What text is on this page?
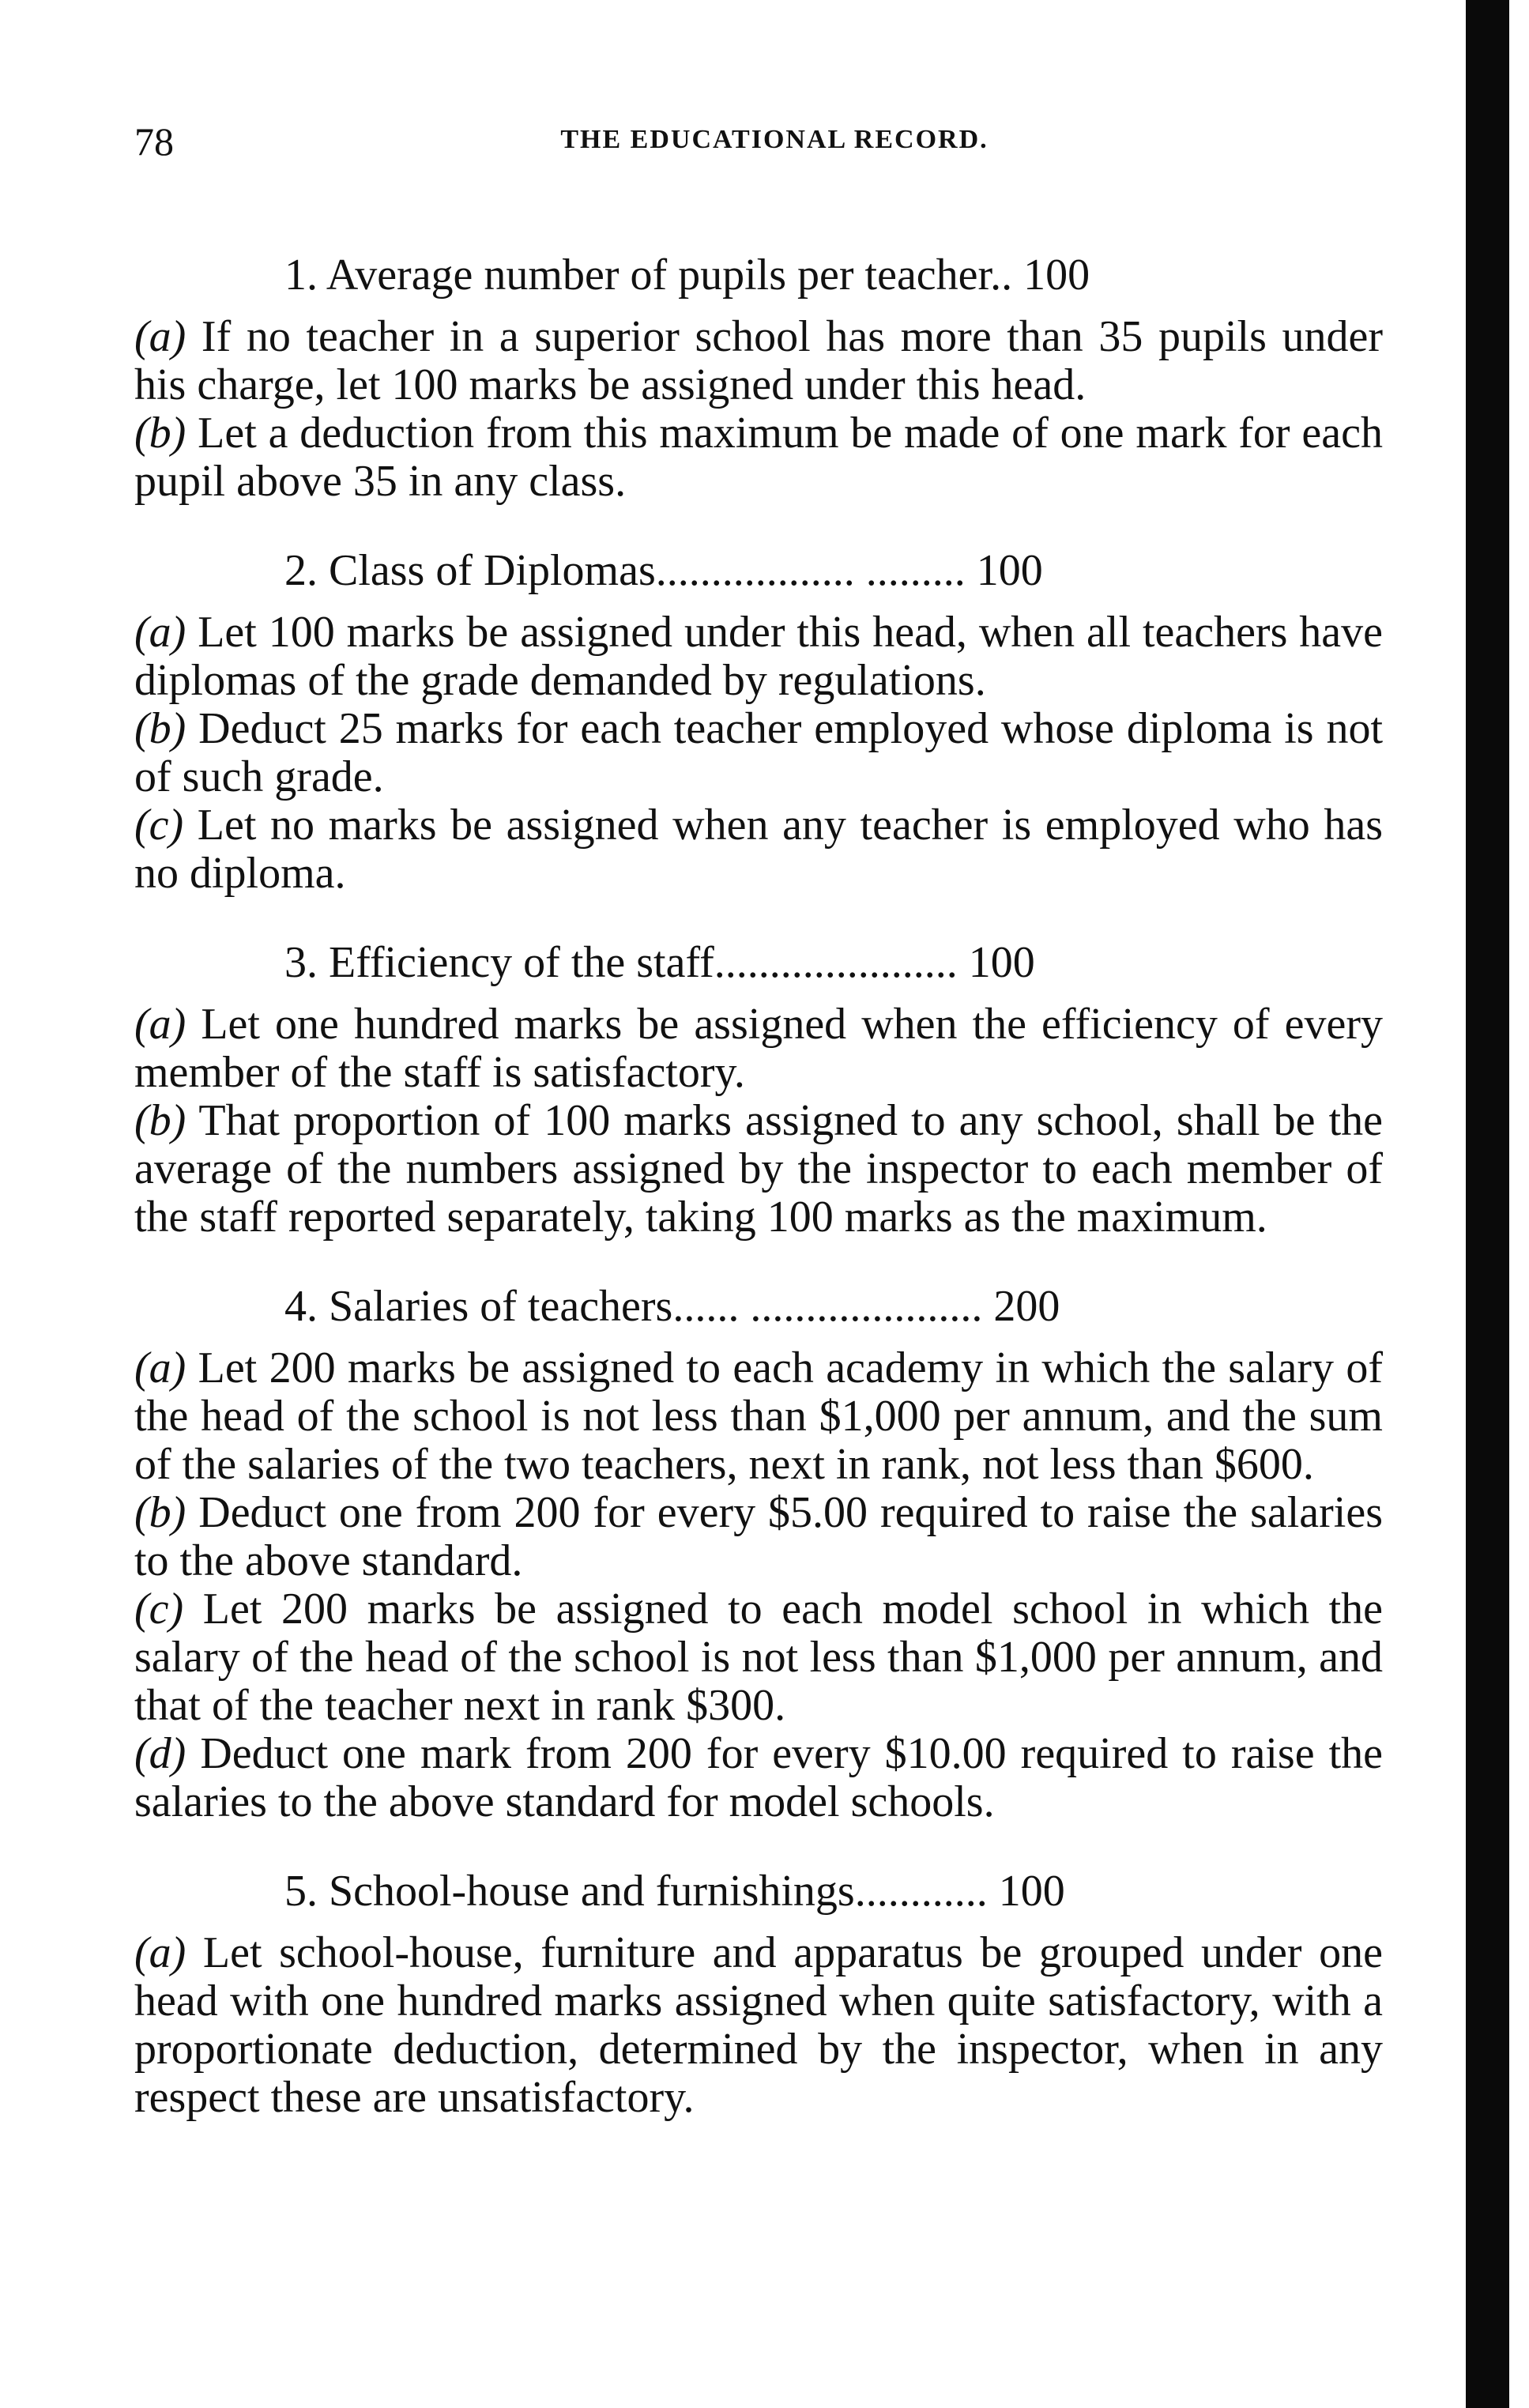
78	THE EDUCATIONAL RECORD.
1. Average number of pupils per teacher.. 100

(a) If no teacher in a superior school has more than 35 pupils under his charge, let 100 marks be assigned under this head.

(b) Let a deduction from this maximum be made of one mark for each pupil above 35 in any class.

2. Class of Diplomas.................. ......... 100

(a) Let 100 marks be assigned under this head, when all teachers have diplomas of the grade demanded by regulations.

(b) Deduct 25 marks for each teacher employed whose diploma is not of such grade.

(c) Let no marks be assigned when any teacher is employed who has no diploma.

3. Efficiency of the staff...................... 100

(a) Let one hundred marks be assigned when the efficiency of every member of the staff is satisfactory.

(b) That proportion of 100 marks assigned to any school, shall be the average of the numbers assigned by the inspector to each member of the staff reported separately, taking 100 marks as the maximum.

4. Salaries of teachers...... ..................... 200

(a) Let 200 marks be assigned to each academy in which the salary of the head of the school is not less than $1,000 per annum, and the sum of the salaries of the two teachers, next in rank, not less than $600.

(b) Deduct one from 200 for every $5.00 required to raise the salaries to the above standard.

(c) Let 200 marks be assigned to each model school in which the salary of the head of the school is not less than $1,000 per annum, and that of the teacher next in rank $300.

(d) Deduct one mark from 200 for every $10.00 required to raise the salaries to the above standard for model schools.

5. School-house and furnishings............ 100

(a) Let school-house, furniture and apparatus be grouped under one head with one hundred marks assigned when quite satisfactory, with a proportionate deduction, determined by the inspector, when in any respect these are unsatisfactory.
